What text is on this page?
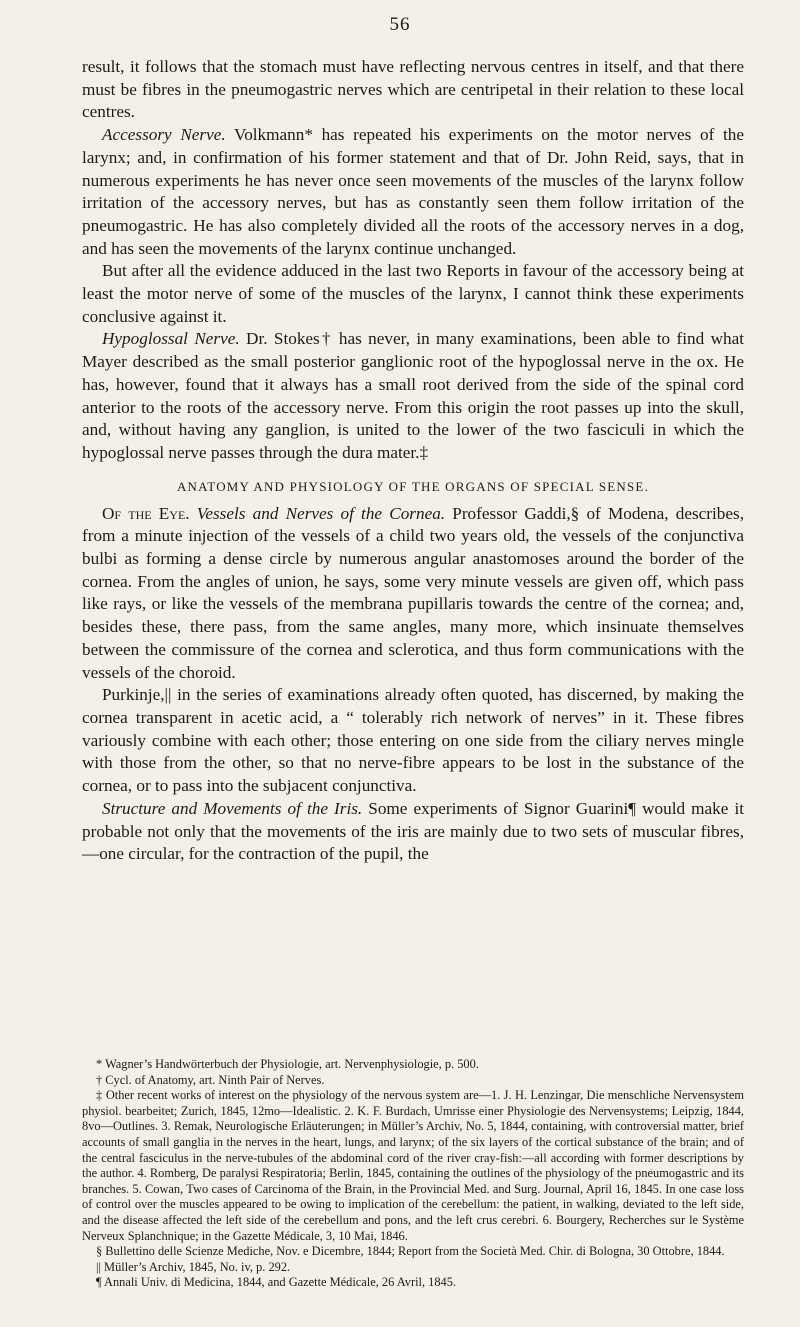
56

result, it follows that the stomach must have reflecting nervous centres in itself, and that there must be fibres in the pneumogastric nerves which are centripetal in their relation to these local centres.

Accessory Nerve. Volkmann* has repeated his experiments on the motor nerves of the larynx; and, in confirmation of his former statement and that of Dr. John Reid, says, that in numerous experiments he has never once seen movements of the muscles of the larynx follow irritation of the accessory nerves, but has as constantly seen them follow irritation of the pneumogastric. He has also completely divided all the roots of the accessory nerves in a dog, and has seen the movements of the larynx continue unchanged.

But after all the evidence adduced in the last two Reports in favour of the accessory being at least the motor nerve of some of the muscles of the larynx, I cannot think these experiments conclusive against it.

Hypoglossal Nerve. Dr. Stokes† has never, in many examinations, been able to find what Mayer described as the small posterior ganglionic root of the hypoglossal nerve in the ox. He has, however, found that it always has a small root derived from the side of the spinal cord anterior to the roots of the accessory nerve. From this origin the root passes up into the skull, and, without having any ganglion, is united to the lower of the two fasciculi in which the hypoglossal nerve passes through the dura mater.‡

ANATOMY AND PHYSIOLOGY OF THE ORGANS OF SPECIAL SENSE.

Of the Eye. Vessels and Nerves of the Cornea. Professor Gaddi,§ of Modena, describes, from a minute injection of the vessels of a child two years old, the vessels of the conjunctiva bulbi as forming a dense circle by numerous angular anastomoses around the border of the cornea. From the angles of union, he says, some very minute vessels are given off, which pass like rays, or like the vessels of the membrana pupillaris towards the centre of the cornea; and, besides these, there pass, from the same angles, many more, which insinuate themselves between the commissure of the cornea and sclerotica, and thus form communications with the vessels of the choroid.

Purkinje,|| in the series of examinations already often quoted, has discerned, by making the cornea transparent in acetic acid, a “ tolerably rich network of nerves” in it. These fibres variously combine with each other; those entering on one side from the ciliary nerves mingle with those from the other, so that no nerve-fibre appears to be lost in the substance of the cornea, or to pass into the subjacent conjunctiva.

Structure and Movements of the Iris. Some experiments of Signor Guarini¶ would make it probable not only that the movements of the iris are mainly due to two sets of muscular fibres,—one circular, for the contraction of the pupil, the

* Wagner’s Handwörterbuch der Physiologie, art. Nervenphysiologie, p. 500.

† Cycl. of Anatomy, art. Ninth Pair of Nerves.

‡ Other recent works of interest on the physiology of the nervous system are—1. J. H. Lenzingar, Die menschliche Nervensystem physiol. bearbeitet; Zurich, 1845, 12mo—Idealistic. 2. K. F. Burdach, Umrisse einer Physiologie des Nervensystems; Leipzig, 1844, 8vo—Outlines. 3. Remak, Neurologische Erläuterungen; in Müller’s Archiv, No. 5, 1844, containing, with controversial matter, brief accounts of small ganglia in the nerves in the heart, lungs, and larynx; of the six layers of the cortical substance of the brain; and of the central fasciculus in the nerve-tubules of the abdominal cord of the river cray-fish:—all according with former descriptions by the author. 4. Romberg, De paralysi Respiratoria; Berlin, 1845, containing the outlines of the physiology of the pneumogastric and its branches. 5. Cowan, Two cases of Carcinoma of the Brain, in the Provincial Med. and Surg. Journal, April 16, 1845. In one case loss of control over the muscles appeared to be owing to implication of the cerebellum: the patient, in walking, deviated to the left side, and the disease affected the left side of the cerebellum and pons, and the left crus cerebri. 6. Bourgery, Recherches sur le Système Nerveux Splanchnique; in the Gazette Médicale, 3, 10 Mai, 1846.

§ Bullettino delle Scienze Mediche, Nov. e Dicembre, 1844; Report from the Società Med. Chir. di Bologna, 30 Ottobre, 1844.

|| Müller’s Archiv, 1845, No. iv, p. 292.

¶ Annali Univ. di Medicina, 1844, and Gazette Médicale, 26 Avril, 1845.
